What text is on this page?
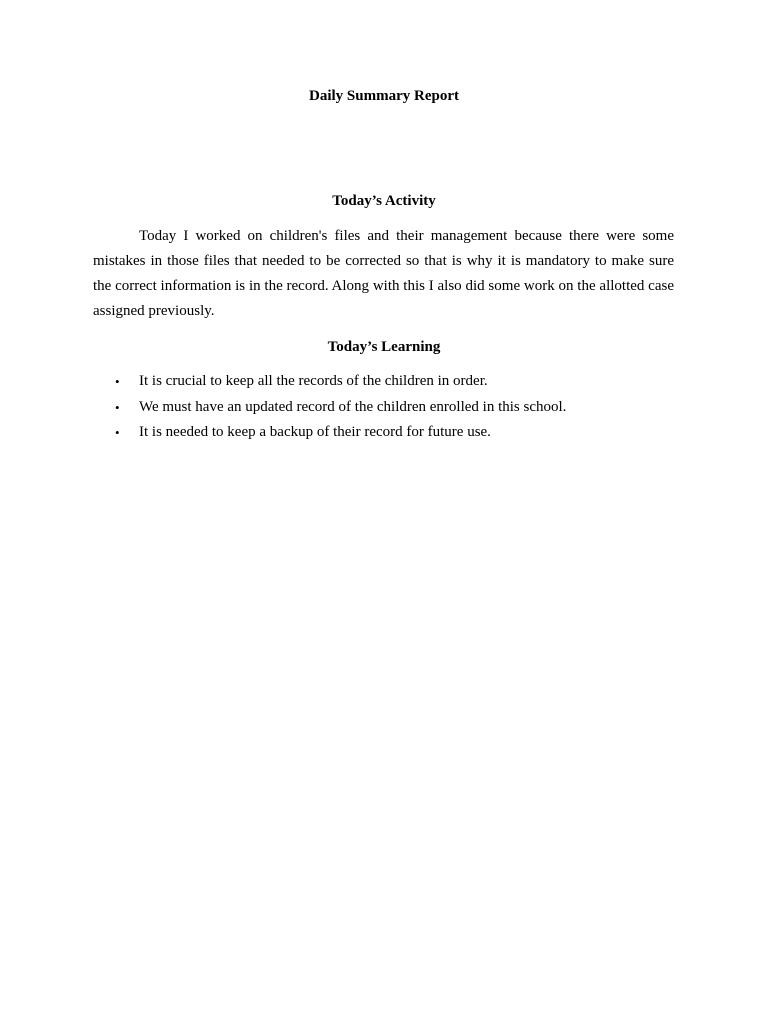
Daily Summary Report
Today’s Activity

Today I worked on children's files and their management because there were some mistakes in those files that needed to be corrected so that is why it is mandatory to make sure the correct information is in the record. Along with this I also did some work on the allotted case assigned previously.

Today’s Learning
• It is crucial to keep all the records of the children in order.
• We must have an updated record of the children enrolled in this school.
• It is needed to keep a backup of their record for future use.
